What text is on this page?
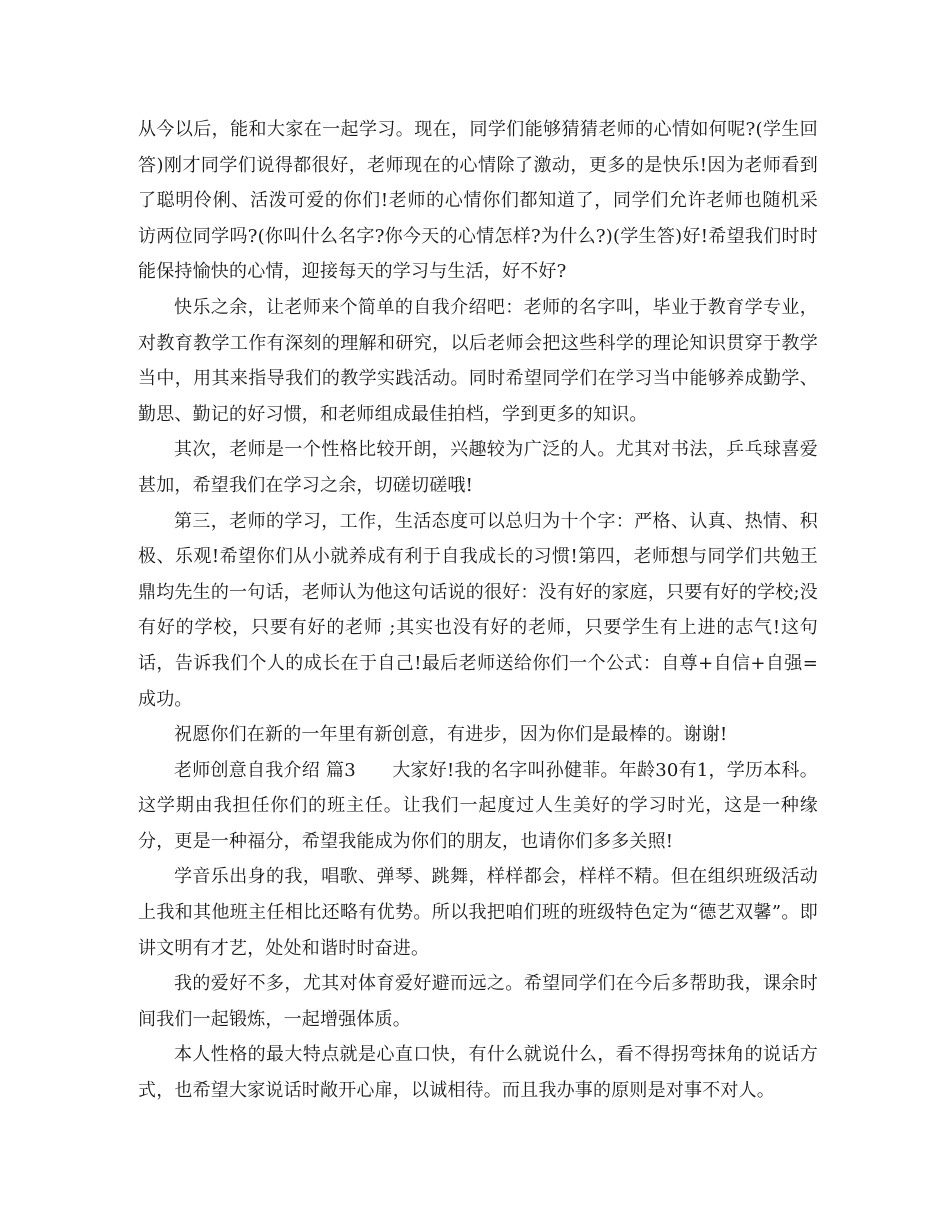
从今以后，能和大家在一起学习。现在，同学们能够猜猜老师的心情如何呢?(学生回答)刚才同学们说得都很好，老师现在的心情除了激动，更多的是快乐!因为老师看到了聪明伶俐、活泼可爱的你们!老师的心情你们都知道了，同学们允许老师也随机采访两位同学吗?(你叫什么名字?你今天的心情怎样?为什么?)(学生答)好!希望我们时时能保持愉快的心情，迎接每天的学习与生活，好不好?

快乐之余，让老师来个简单的自我介绍吧：老师的名字叫，毕业于教育学专业，对教育教学工作有深刻的理解和研究，以后老师会把这些科学的理论知识贯穿于教学当中，用其来指导我们的教学实践活动。同时希望同学们在学习当中能够养成勤学、勤思、勤记的好习惯，和老师组成最佳拍档，学到更多的知识。

其次，老师是一个性格比较开朗，兴趣较为广泛的人。尤其对书法，乒乓球喜爱甚加，希望我们在学习之余，切磋切磋哦!

第三，老师的学习，工作，生活态度可以总归为十个字：严格、认真、热情、积极、乐观!希望你们从小就养成有利于自我成长的习惯!第四，老师想与同学们共勉王鼎均先生的一句话，老师认为他这句话说的很好：没有好的家庭，只要有好的学校;没有好的学校，只要有好的老师 ;其实也没有好的老师，只要学生有上进的志气!这句话，告诉我们个人的成长在于自己!最后老师送给你们一个公式：自尊+自信+自强=成功。

祝愿你们在新的一年里有新创意，有进步，因为你们是最棒的。谢谢!

老师创意自我介绍 篇3   大家好!我的名字叫孙健菲。年龄30有1，学历本科。这学期由我担任你们的班主任。让我们一起度过人生美好的学习时光，这是一种缘分，更是一种福分，希望我能成为你们的朋友，也请你们多多关照!

学音乐出身的我，唱歌、弹琴、跳舞，样样都会，样样不精。但在组织班级活动上我和其他班主任相比还略有优势。所以我把咱们班的班级特色定为“德艺双馨”。即讲文明有才艺，处处和谐时时奋进。

我的爱好不多，尤其对体育爱好避而远之。希望同学们在今后多帮助我，课余时间我们一起锻炼，一起增强体质。

本人性格的最大特点就是心直口快，有什么就说什么，看不得拐弯抹角的说话方式，也希望大家说话时敞开心扉，以诚相待。而且我办事的原则是对事不对人。
